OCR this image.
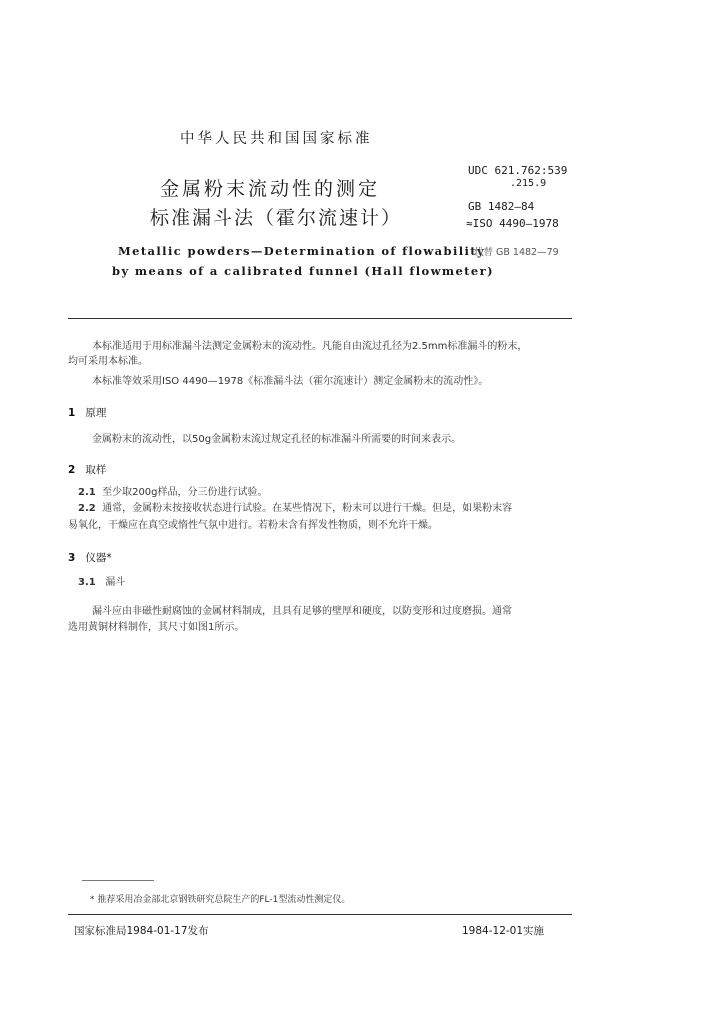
中华人民共和国国家标准
金属粉末流动性的测定
标准漏斗法（霍尔流速计）
Metallic powders—Determination of flowability
by means of a calibrated funnel (Hall flowmeter)
UDC 621.762:539
.215.9
GB 1482—84
≈ISO 4490—1978
代替 GB 1482—79
本标准适用于用标准漏斗法测定金属粉末的流动性。凡能自由流过孔径为2.5mm标准漏斗的粉末，
均可采用本标准。
本标准等效采用ISO 4490—1978《标准漏斗法（霍尔流速计）测定金属粉末的流动性》。
1 原理
金属粉末的流动性，以50g金属粉末流过规定孔径的标准漏斗所需要的时间来表示。
2 取样
2.1 至少取200g样品，分三份进行试验。
2.2 通常，金属粉末按接收状态进行试验。在某些情况下，粉末可以进行干燥。但是，如果粉末容
易氧化，干燥应在真空或惰性气氛中进行。若粉末含有挥发性物质，则不允许干燥。
3 仪器*
3.1 漏斗
漏斗应由非磁性耐腐蚀的金属材料制成，且具有足够的壁厚和硬度，以防变形和过度磨损。通常
选用黄铜材料制作，其尺寸如图1所示。
* 推荐采用冶金部北京钢铁研究总院生产的FL-1型流动性测定仪。
国家标准局1984-01-17发布	1984-12-01实施
